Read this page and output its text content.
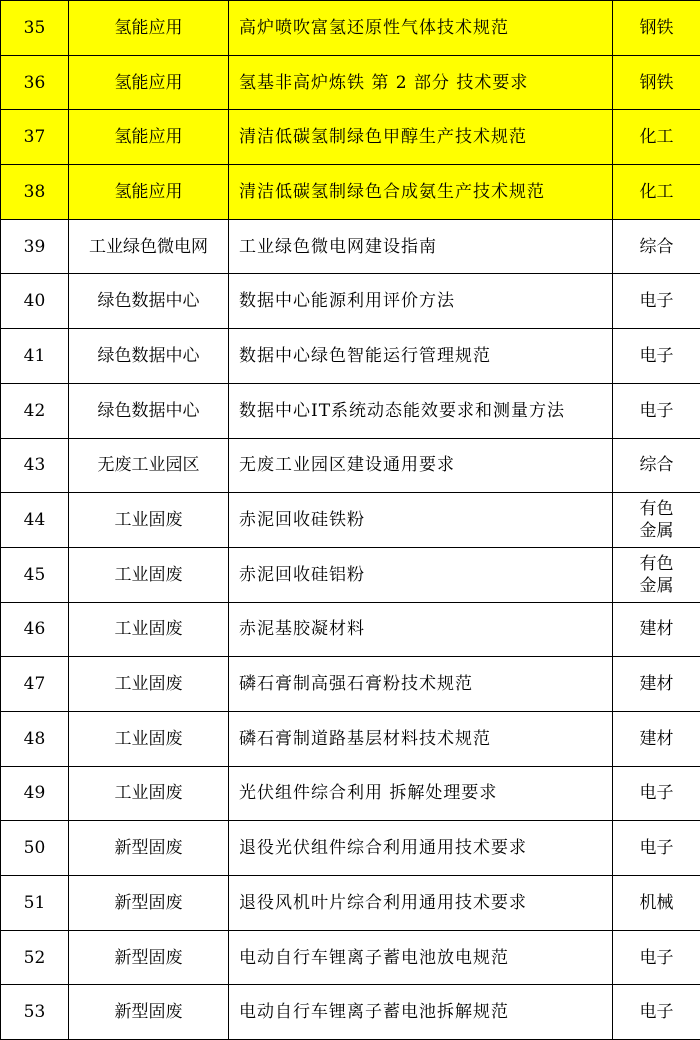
35	氢能应用	高炉喷吹富氢还原性气体技术规范	钢铁
36	氢能应用	氢基非高炉炼铁 第 2 部分 技术要求	钢铁
37	氢能应用	清洁低碳氢制绿色甲醇生产技术规范	化工
38	氢能应用	清洁低碳氢制绿色合成氨生产技术规范	化工
39	工业绿色微电网	工业绿色微电网建设指南	综合
40	绿色数据中心	数据中心能源利用评价方法	电子
41	绿色数据中心	数据中心绿色智能运行管理规范	电子
42	绿色数据中心	数据中心IT系统动态能效要求和测量方法	电子
43	无废工业园区	无废工业园区建设通用要求	综合
44	工业固废	赤泥回收硅铁粉	有色
金属
45	工业固废	赤泥回收硅铝粉	有色
金属
46	工业固废	赤泥基胶凝材料	建材
47	工业固废	磷石膏制高强石膏粉技术规范	建材
48	工业固废	磷石膏制道路基层材料技术规范	建材
49	工业固废	光伏组件综合利用 拆解处理要求	电子
50	新型固废	退役光伏组件综合利用通用技术要求	电子
51	新型固废	退役风机叶片综合利用通用技术要求	机械
52	新型固废	电动自行车锂离子蓄电池放电规范	电子
53	新型固废	电动自行车锂离子蓄电池拆解规范	电子
